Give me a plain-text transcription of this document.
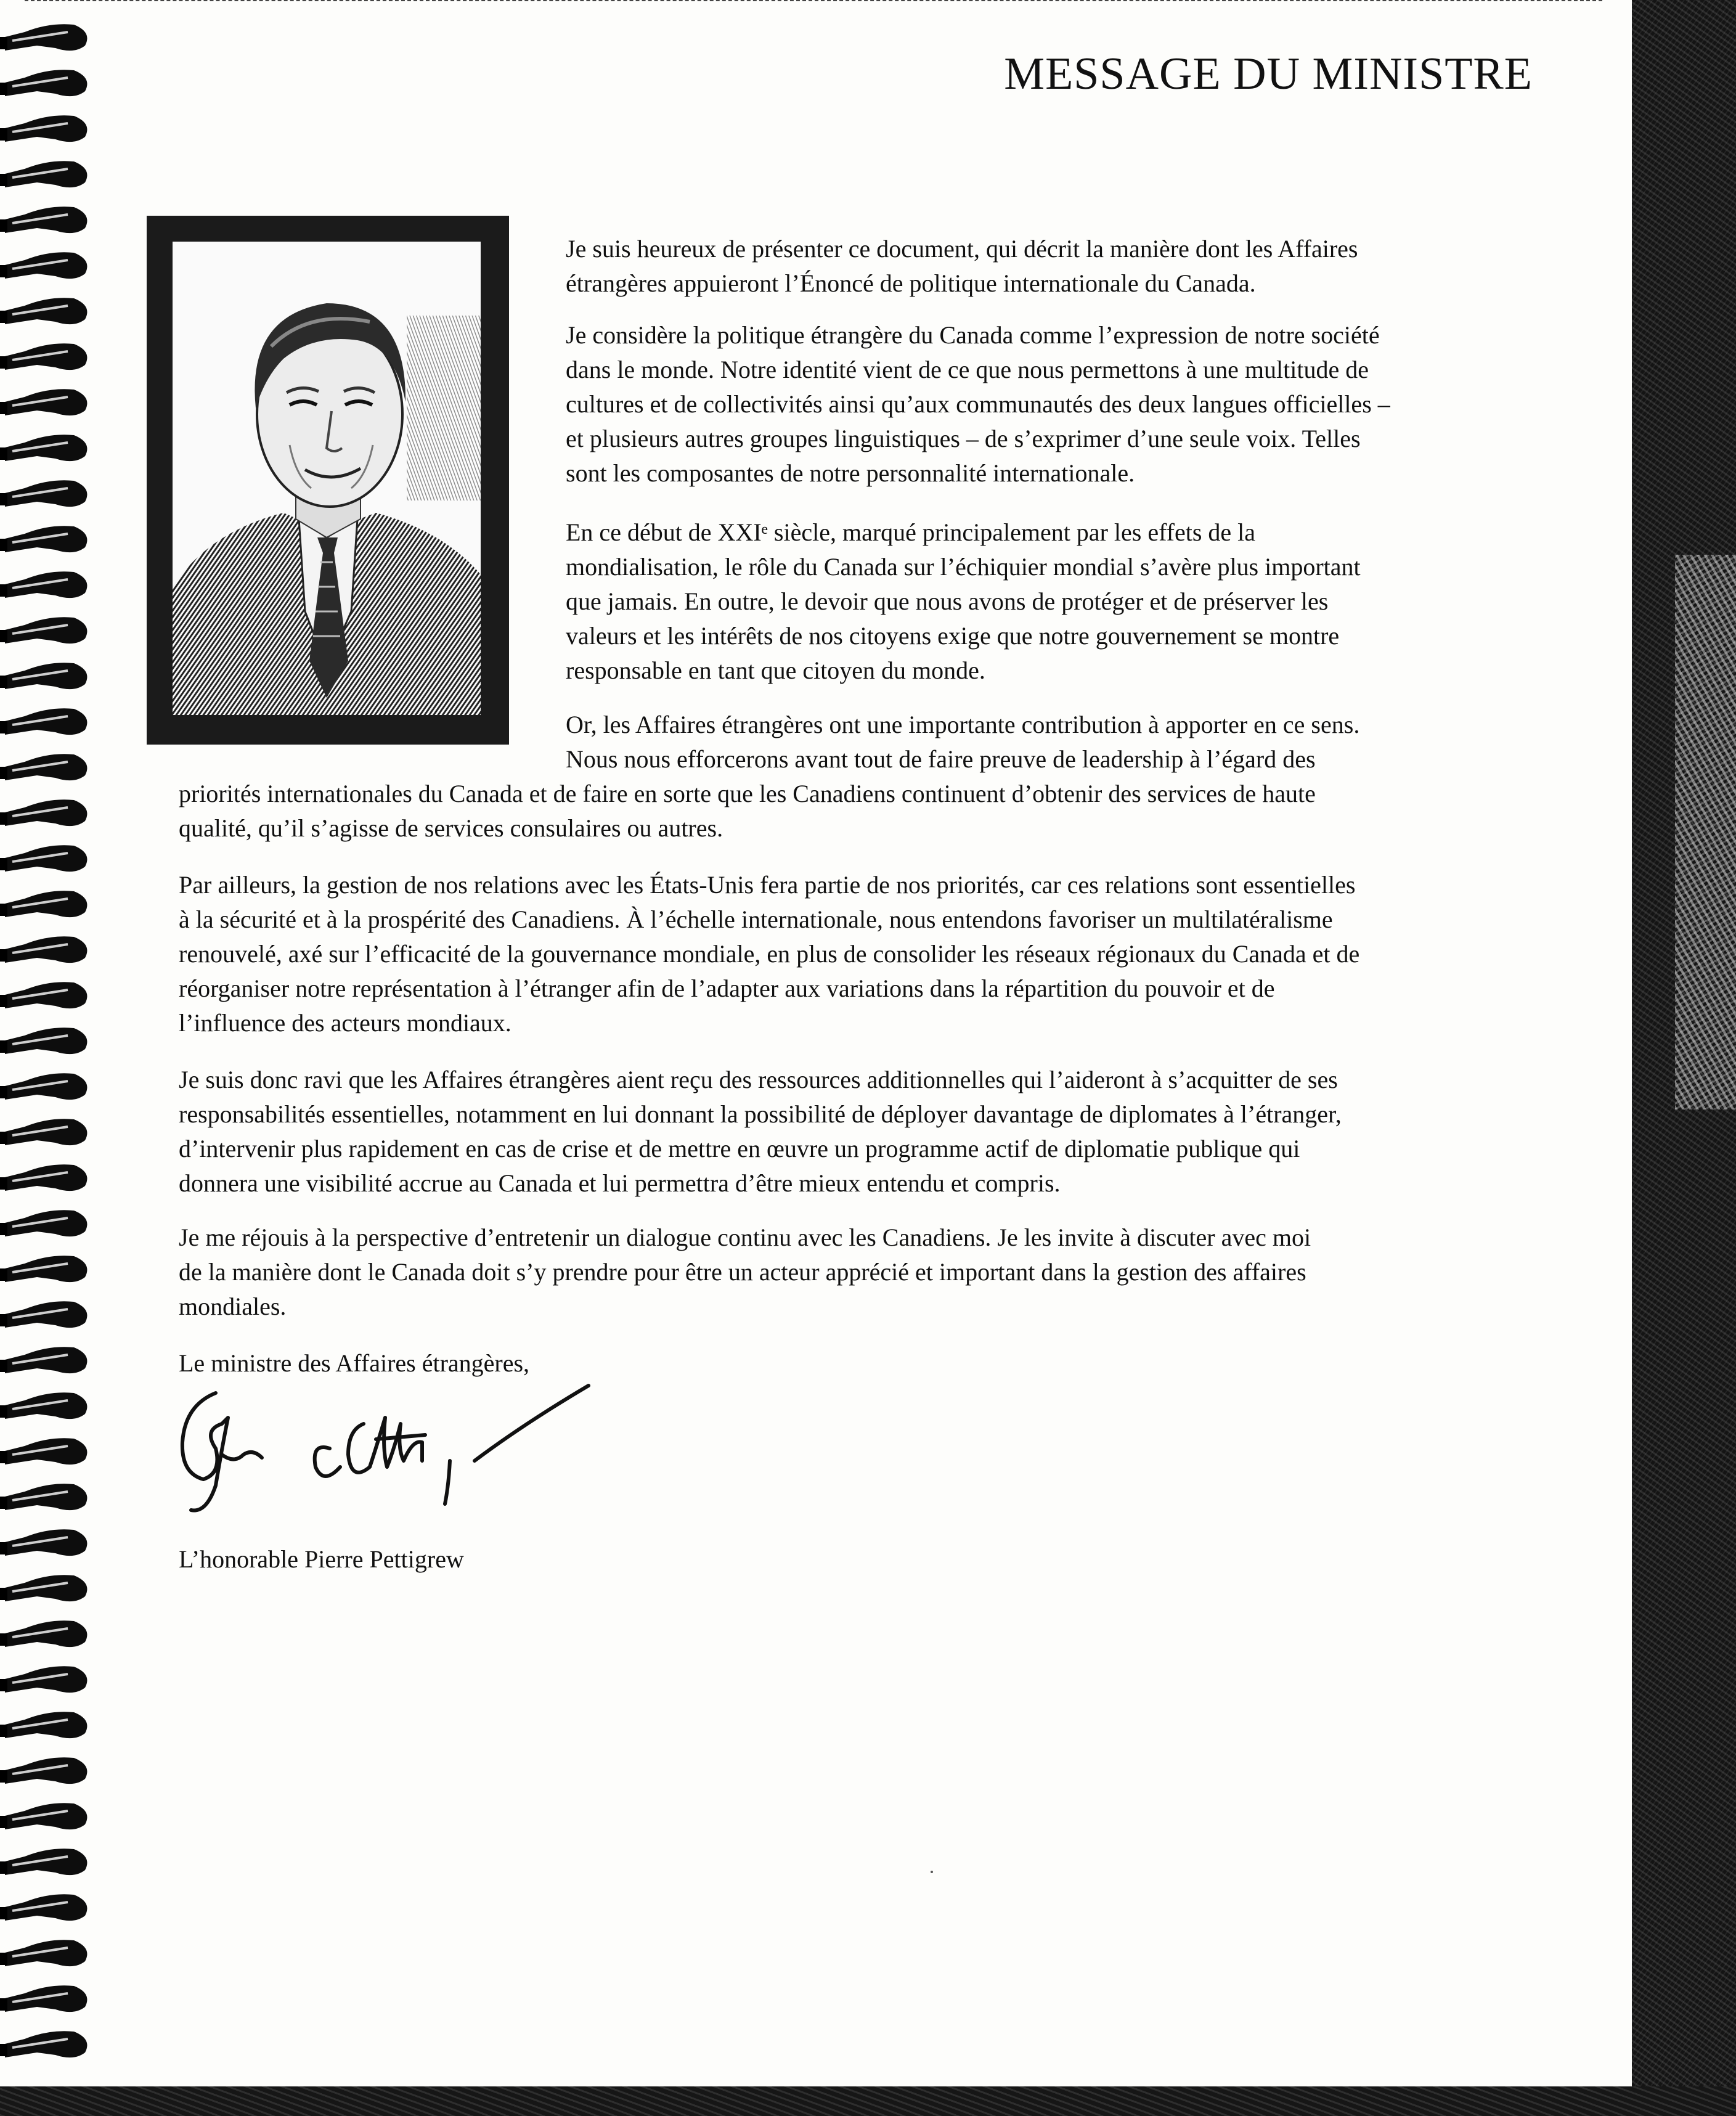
MESSAGE DU MINISTRE
Je suis heureux de présenter ce document, qui décrit la manière dont les Affaires
étrangères appuieront l’Énoncé de politique internationale du Canada.
Je considère la politique étrangère du Canada comme l’expression de notre société
dans le monde. Notre identité vient de ce que nous permettons à une multitude de
cultures et de collectivités ainsi qu’aux communautés des deux langues officielles –
et plusieurs autres groupes linguistiques – de s’exprimer d’une seule voix. Telles
sont les composantes de notre personnalité internationale.
En ce début de XXIᵉ siècle, marqué principalement par les effets de la
mondialisation, le rôle du Canada sur l’échiquier mondial s’avère plus important
que jamais. En outre, le devoir que nous avons de protéger et de préserver les
valeurs et les intérêts de nos citoyens exige que notre gouvernement se montre
responsable en tant que citoyen du monde.
Or, les Affaires étrangères ont une importante contribution à apporter en ce sens.
Nous nous efforcerons avant tout de faire preuve de leadership à l’égard des
priorités internationales du Canada et de faire en sorte que les Canadiens continuent d’obtenir des services de haute
qualité, qu’il s’agisse de services consulaires ou autres.
Par ailleurs, la gestion de nos relations avec les États-Unis fera partie de nos priorités, car ces relations sont essentielles
à la sécurité et à la prospérité des Canadiens. À l’échelle internationale, nous entendons favoriser un multilatéralisme
renouvelé, axé sur l’efficacité de la gouvernance mondiale, en plus de consolider les réseaux régionaux du Canada et de
réorganiser notre représentation à l’étranger afin de l’adapter aux variations dans la répartition du pouvoir et de
l’influence des acteurs mondiaux.
Je suis donc ravi que les Affaires étrangères aient reçu des ressources additionnelles qui l’aideront à s’acquitter de ses
responsabilités essentielles, notamment en lui donnant la possibilité de déployer davantage de diplomates à l’étranger,
d’intervenir plus rapidement en cas de crise et de mettre en œuvre un programme actif de diplomatie publique qui
donnera une visibilité accrue au Canada et lui permettra d’être mieux entendu et compris.
Je me réjouis à la perspective d’entretenir un dialogue continu avec les Canadiens. Je les invite à discuter avec moi
de la manière dont le Canada doit s’y prendre pour être un acteur apprécié et important dans la gestion des affaires
mondiales.
Le ministre des Affaires étrangères,

L’honorable Pierre Pettigrew
